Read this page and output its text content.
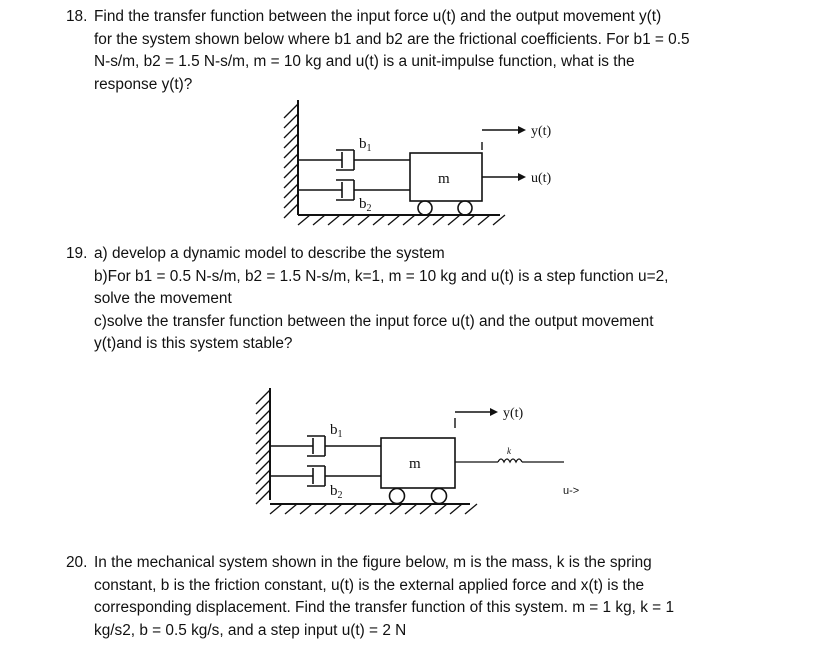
18. Find the transfer function between the input force u(t) and the output movement y(t)

for the system shown below where b1 and b2 are the frictional coefficients. For b1 = 0.5

N-s/m, b2 = 1.5 N-s/m, m = 10 kg and u(t) is a unit-impulse function, what is the

response y(t)?

$b_1$
$b_2$
m
y(t)
u(t)

19. a) develop a dynamic model to describe the system

b)For b1 = 0.5 N-s/m, b2 = 1.5 N-s/m, k=1, m = 10 kg and u(t) is a step function u=2,

solve the movement

c)solve the transfer function between the input force u(t) and the output movement

y(t)and is this system stable?

$b_1$
$b_2$
m
y(t)
k
u->

20. In the mechanical system shown in the figure below, m is the mass, k is the spring

constant, b is the friction constant, u(t) is the external applied force and x(t) is the

corresponding displacement. Find the transfer function of this system. m = 1 kg, k = 1

kg/s2, b = 0.5 kg/s, and a step input u(t) = 2 N
